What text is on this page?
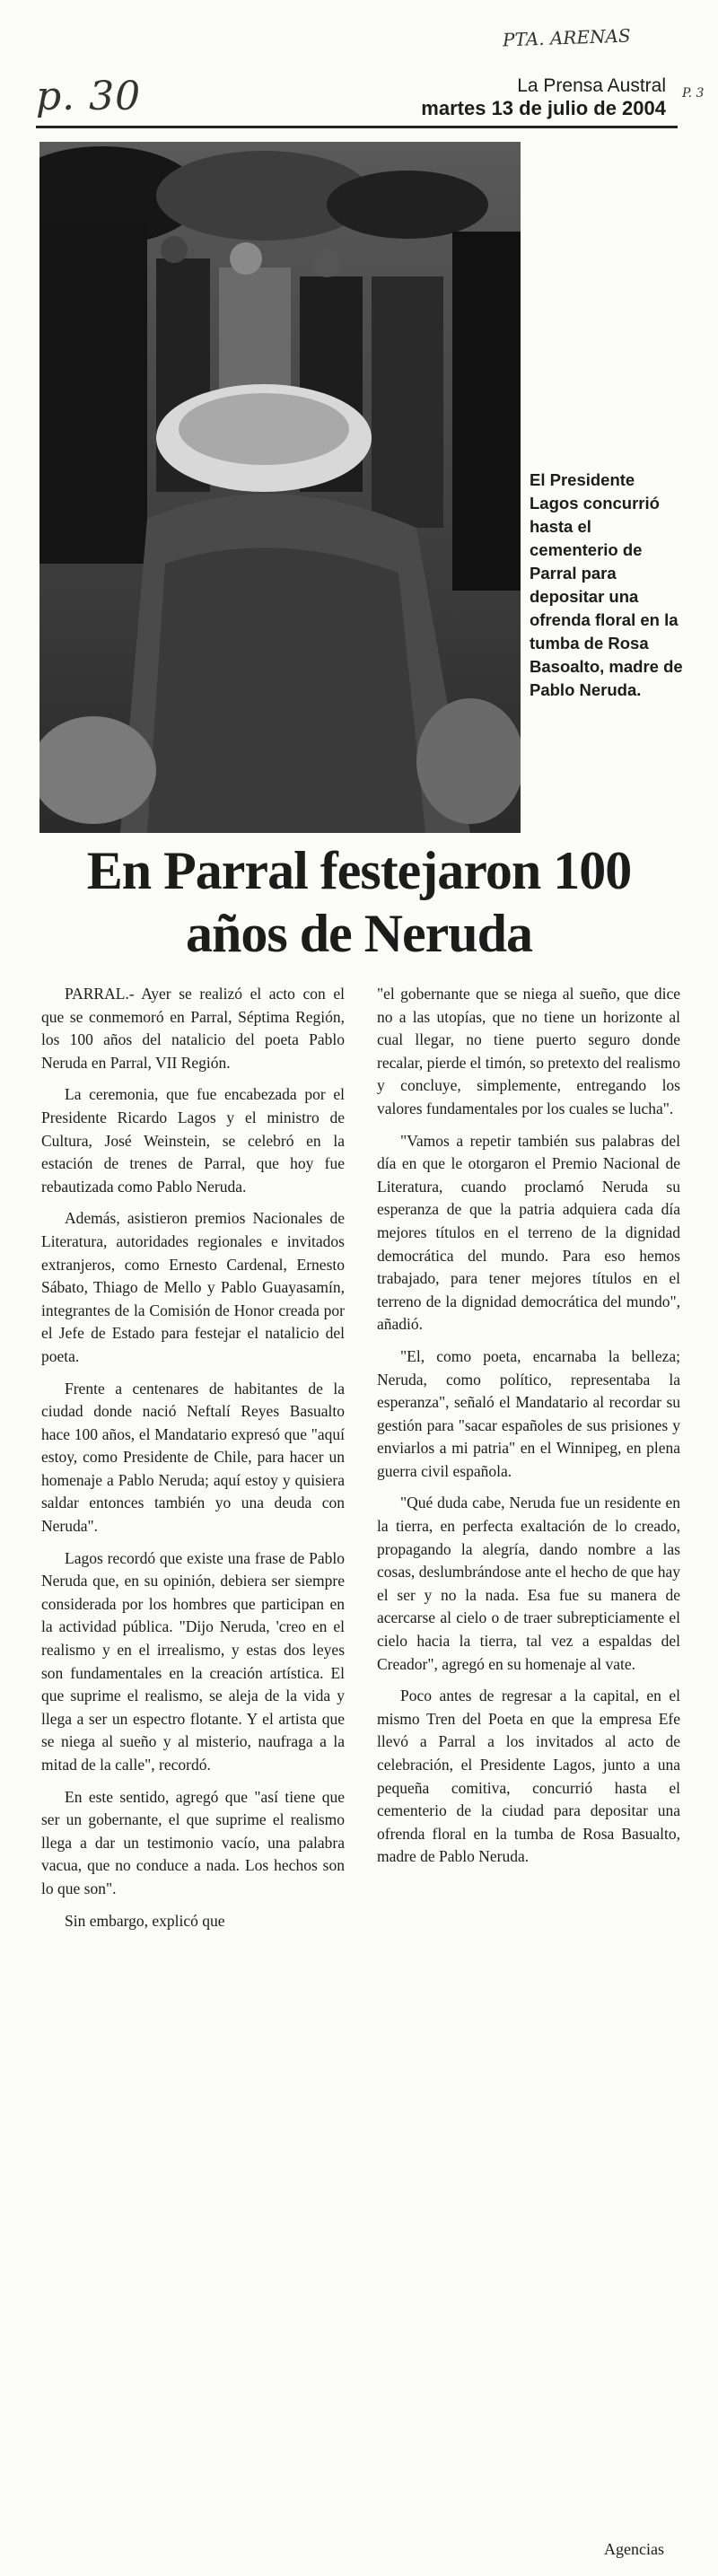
p. 30
PTA. ARENAS
P. 3
La Prensa Austral
martes 13 de julio de 2004
El Presidente Lagos concurrió hasta el cementerio de Parral para depositar una ofrenda floral en la tumba de Rosa Basoalto, madre de Pablo Neruda.
En Parral festejaron 100 años de Neruda

PARRAL.- Ayer se realizó el acto con el que se conmemoró en Parral, Séptima Región, los 100 años del natalicio del poeta Pablo Neruda en Parral, VII Región.

La ceremonia, que fue encabezada por el Presidente Ricardo Lagos y el ministro de Cultura, José Weinstein, se celebró en la estación de trenes de Parral, que hoy fue rebautizada como Pablo Neruda.

Además, asistieron premios Nacionales de Literatura, autoridades regionales e invitados extranjeros, como Ernesto Cardenal, Ernesto Sábato, Thiago de Mello y Pablo Guayasamín, integrantes de la Comisión de Honor creada por el Jefe de Estado para festejar el natalicio del poeta.

Frente a centenares de habitantes de la ciudad donde nació Neftalí Reyes Basualto hace 100 años, el Mandatario expresó que "aquí estoy, como Presidente de Chile, para hacer un homenaje a Pablo Neruda; aquí estoy y quisiera saldar entonces también yo una deuda con Neruda".

Lagos recordó que existe una frase de Pablo Neruda que, en su opinión, debiera ser siempre considerada por los hombres que participan en la actividad pública. "Dijo Neruda, 'creo en el realismo y en el irrealismo, y estas dos leyes son fundamentales en la creación artística. El que suprime el realismo, se aleja de la vida y llega a ser un espectro flotante. Y el artista que se niega al sueño y al misterio, naufraga a la mitad de la calle", recordó.

En este sentido, agregó que "así tiene que ser un gobernante, el que suprime el realismo llega a dar un testimonio vacío, una palabra vacua, que no conduce a nada. Los hechos son lo que son".

Sin embargo, explicó que

"el gobernante que se niega al sueño, que dice no a las utopías, que no tiene un horizonte al cual llegar, no tiene puerto seguro donde recalar, pierde el timón, so pretexto del realismo y concluye, simplemente, entregando los valores fundamentales por los cuales se lucha".

"Vamos a repetir también sus palabras del día en que le otorgaron el Premio Nacional de Literatura, cuando proclamó Neruda su esperanza de que la patria adquiera cada día mejores títulos en el terreno de la dignidad democrática del mundo. Para eso hemos trabajado, para tener mejores títulos en el terreno de la dignidad democrática del mundo", añadió.

"El, como poeta, encarnaba la belleza; Neruda, como político, representaba la esperanza", señaló el Mandatario al recordar su gestión para "sacar españoles de sus prisiones y enviarlos a mi patria" en el Winnipeg, en plena guerra civil española.

"Qué duda cabe, Neruda fue un residente en la tierra, en perfecta exaltación de lo creado, propagando la alegría, dando nombre a las cosas, deslumbrándose ante el hecho de que hay el ser y no la nada. Esa fue su manera de acercarse al cielo o de traer subrepticiamente el cielo hacia la tierra, tal vez a espaldas del Creador", agregó en su homenaje al vate.

Poco antes de regresar a la capital, en el mismo Tren del Poeta en que la empresa Efe llevó a Parral a los invitados al acto de celebración, el Presidente Lagos, junto a una pequeña comitiva, concurrió hasta el cementerio de la ciudad para depositar una ofrenda floral en la tumba de Rosa Basualto, madre de Pablo Neruda.

Agencias
